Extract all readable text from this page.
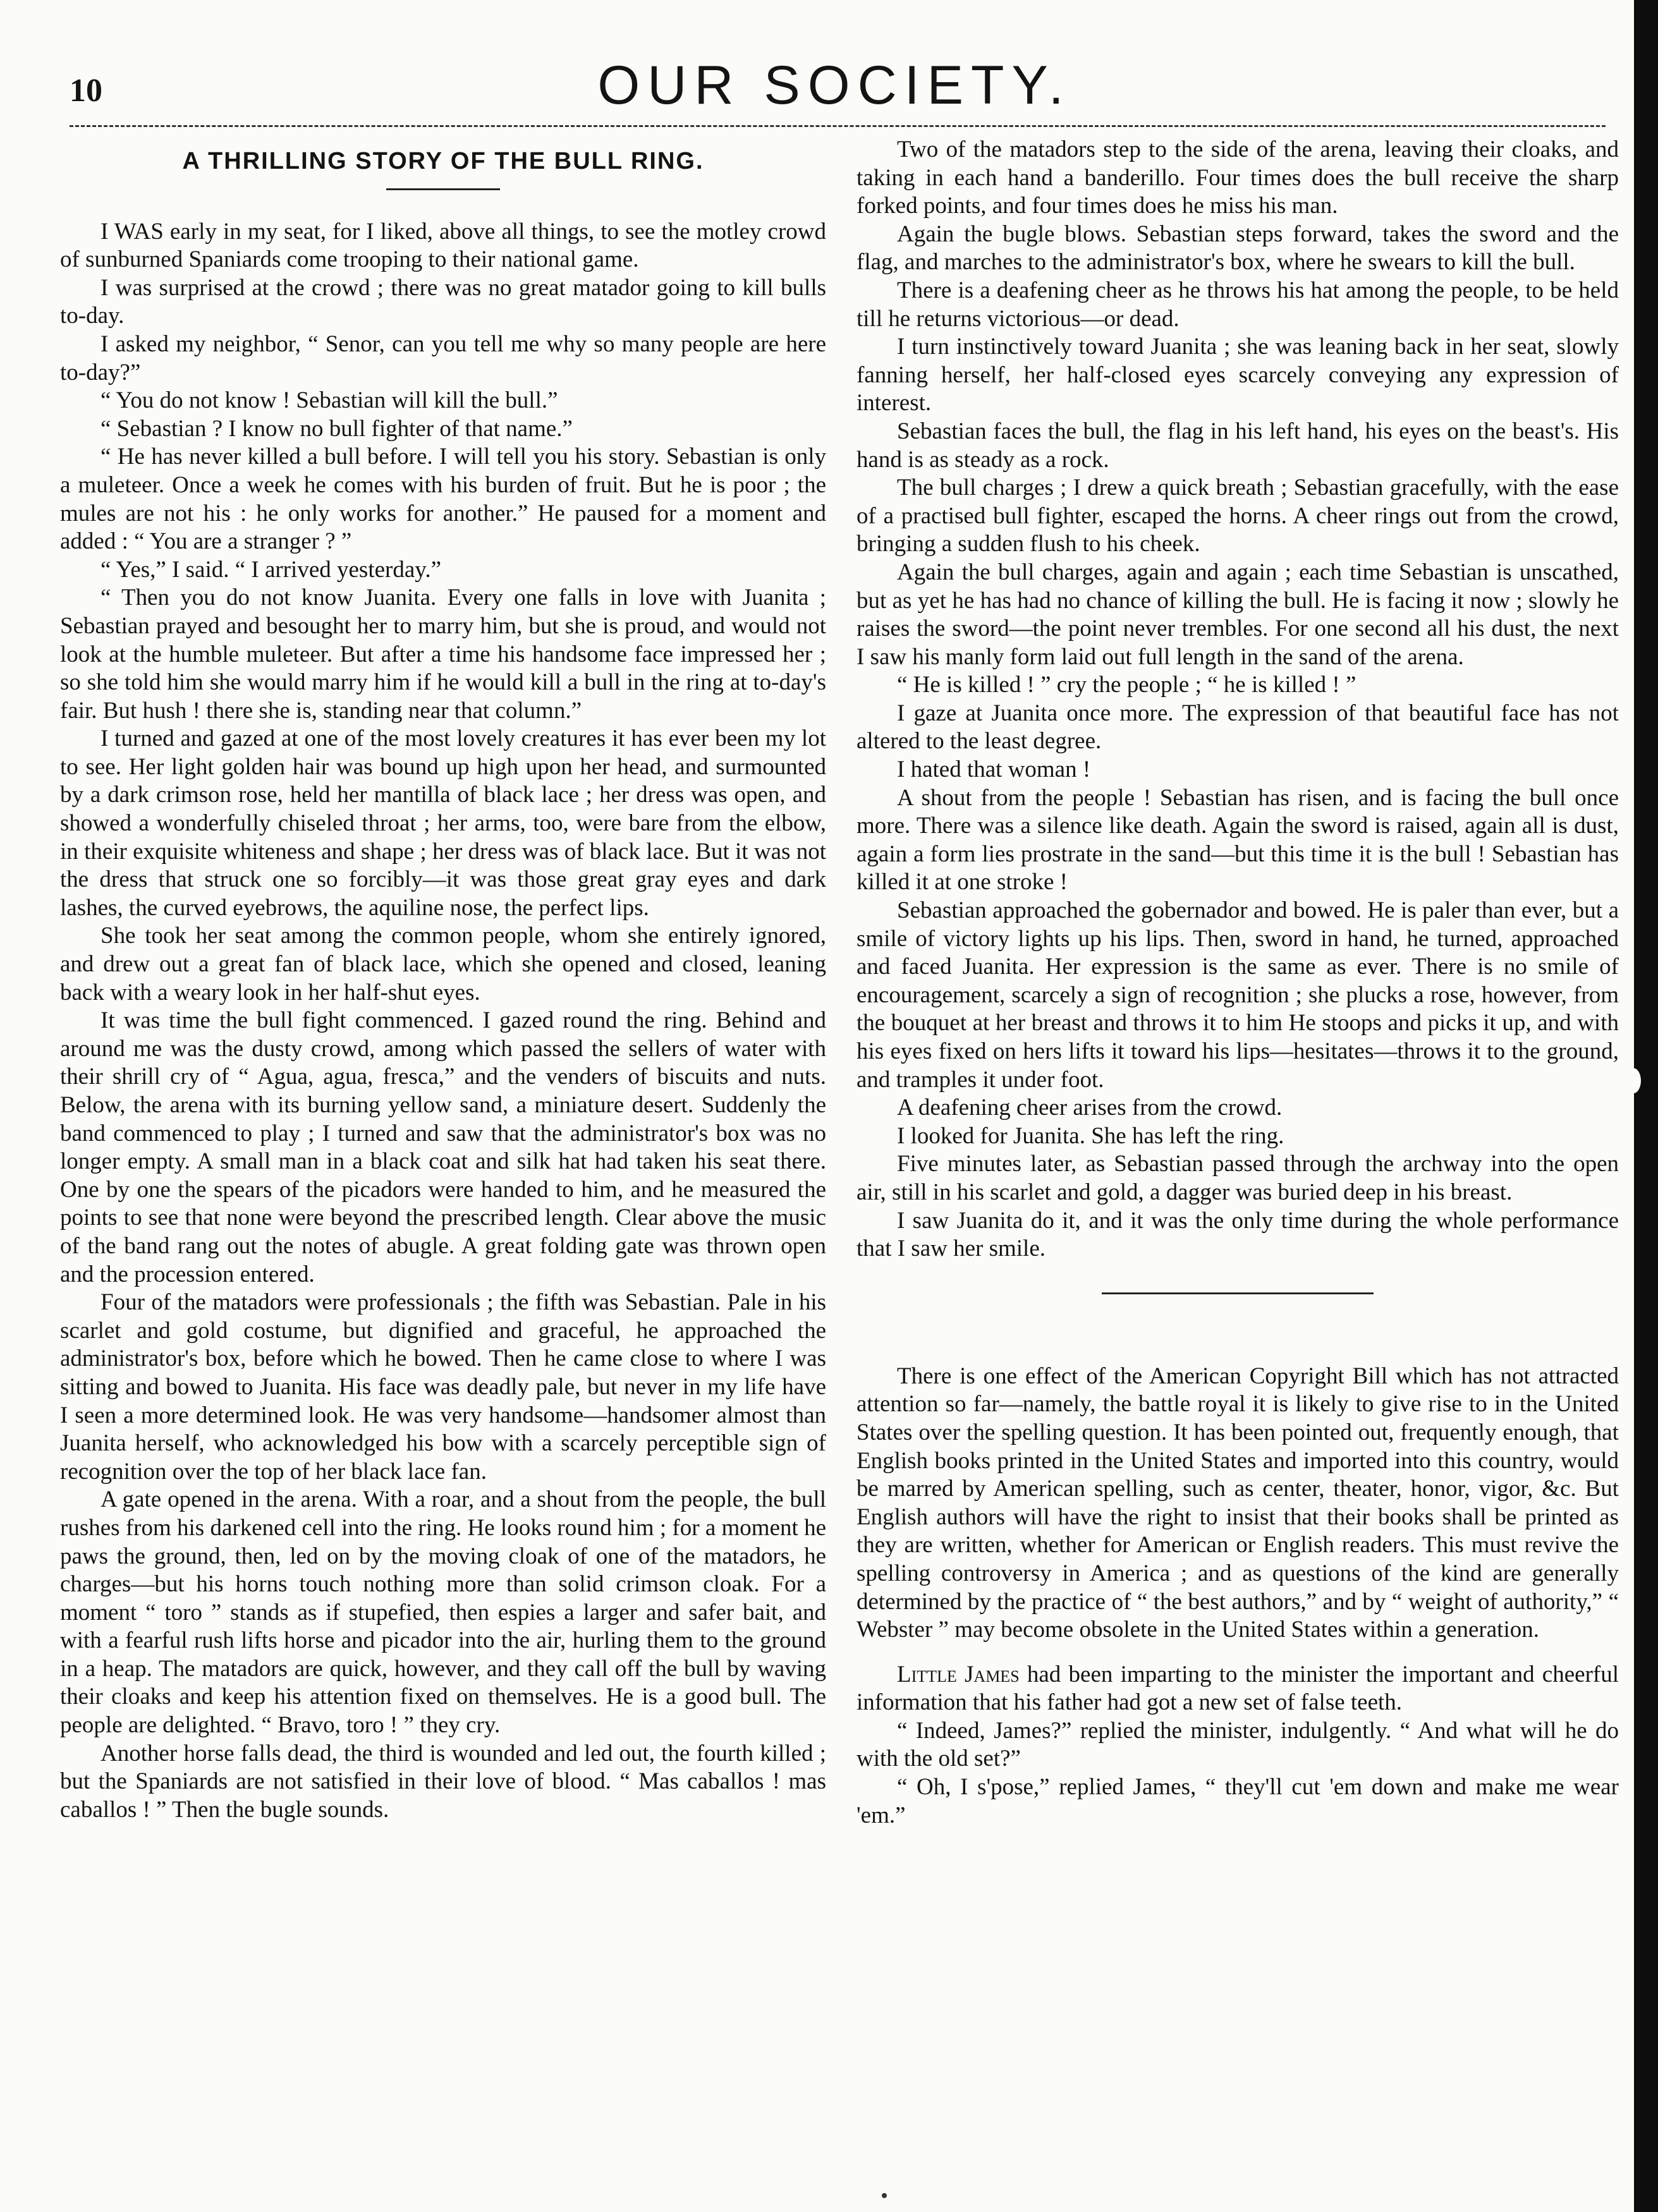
10	OUR SOCIETY.
A THRILLING STORY OF THE BULL RING.

I WAS early in my seat, for I liked, above all things, to see the motley crowd of sunburned Spaniards come trooping to their national game.

I was surprised at the crowd ; there was no great matador going to kill bulls to-day.

I asked my neighbor, “ Senor, can you tell me why so many people are here to-day?”

“ You do not know ! Sebastian will kill the bull.”

“ Sebastian ? I know no bull fighter of that name.”

“ He has never killed a bull before. I will tell you his story. Sebastian is only a muleteer. Once a week he comes with his burden of fruit. But he is poor ; the mules are not his : he only works for another.” He paused for a moment and added : “ You are a stranger ? ”

“ Yes,” I said. “ I arrived yesterday.”

“ Then you do not know Juanita. Every one falls in love with Juanita ; Sebastian prayed and besought her to marry him, but she is proud, and would not look at the humble muleteer. But after a time his handsome face impressed her ; so she told him she would marry him if he would kill a bull in the ring at to-day's fair. But hush ! there she is, standing near that column.”

I turned and gazed at one of the most lovely creatures it has ever been my lot to see. Her light golden hair was bound up high upon her head, and surmounted by a dark crimson rose, held her mantilla of black lace ; her dress was open, and showed a wonderfully chiseled throat ; her arms, too, were bare from the elbow, in their exquisite whiteness and shape ; her dress was of black lace. But it was not the dress that struck one so forcibly—it was those great gray eyes and dark lashes, the curved eyebrows, the aquiline nose, the perfect lips.

She took her seat among the common people, whom she entirely ignored, and drew out a great fan of black lace, which she opened and closed, leaning back with a weary look in her half-shut eyes.

It was time the bull fight commenced. I gazed round the ring. Behind and around me was the dusty crowd, among which passed the sellers of water with their shrill cry of “ Agua, agua, fresca,” and the venders of biscuits and nuts. Below, the arena with its burning yellow sand, a miniature desert. Suddenly the band commenced to play ; I turned and saw that the administrator's box was no longer empty. A small man in a black coat and silk hat had taken his seat there. One by one the spears of the picadors were handed to him, and he measured the points to see that none were beyond the prescribed length. Clear above the music of the band rang out the notes of abugle. A great folding gate was thrown open and the procession entered.

Four of the matadors were professionals ; the fifth was Sebastian. Pale in his scarlet and gold costume, but dignified and graceful, he approached the administrator's box, before which he bowed. Then he came close to where I was sitting and bowed to Juanita. His face was deadly pale, but never in my life have I seen a more determined look. He was very handsome—handsomer almost than Juanita herself, who acknowledged his bow with a scarcely perceptible sign of recognition over the top of her black lace fan.

A gate opened in the arena. With a roar, and a shout from the people, the bull rushes from his darkened cell into the ring. He looks round him ; for a moment he paws the ground, then, led on by the moving cloak of one of the matadors, he charges—but his horns touch nothing more than solid crimson cloak. For a moment “ toro ” stands as if stupefied, then espies a larger and safer bait, and with a fearful rush lifts horse and picador into the air, hurling them to the ground in a heap. The matadors are quick, however, and they call off the bull by waving their cloaks and keep his attention fixed on themselves. He is a good bull. The people are delighted. “ Bravo, toro ! ” they cry.

Another horse falls dead, the third is wounded and led out, the fourth killed ; but the Spaniards are not satisfied in their love of blood. “ Mas caballos ! mas caballos ! ” Then the bugle sounds.

Two of the matadors step to the side of the arena, leaving their cloaks, and taking in each hand a banderillo. Four times does the bull receive the sharp forked points, and four times does he miss his man.

Again the bugle blows. Sebastian steps forward, takes the sword and the flag, and marches to the administrator's box, where he swears to kill the bull.

There is a deafening cheer as he throws his hat among the people, to be held till he returns victorious—or dead.

I turn instinctively toward Juanita ; she was leaning back in her seat, slowly fanning herself, her half-closed eyes scarcely conveying any expression of interest.

Sebastian faces the bull, the flag in his left hand, his eyes on the beast's. His hand is as steady as a rock.

The bull charges ; I drew a quick breath ; Sebastian gracefully, with the ease of a practised bull fighter, escaped the horns. A cheer rings out from the crowd, bringing a sudden flush to his cheek.

Again the bull charges, again and again ; each time Sebastian is unscathed, but as yet he has had no chance of killing the bull. He is facing it now ; slowly he raises the sword—the point never trembles. For one second all his dust, the next I saw his manly form laid out full length in the sand of the arena.

“ He is killed ! ” cry the people ; “ he is killed ! ”

I gaze at Juanita once more. The expression of that beautiful face has not altered to the least degree.

I hated that woman !

A shout from the people ! Sebastian has risen, and is facing the bull once more. There was a silence like death. Again the sword is raised, again all is dust, again a form lies prostrate in the sand—but this time it is the bull ! Sebastian has killed it at one stroke !

Sebastian approached the gobernador and bowed. He is paler than ever, but a smile of victory lights up his lips. Then, sword in hand, he turned, approached and faced Juanita. Her expression is the same as ever. There is no smile of encouragement, scarcely a sign of recognition ; she plucks a rose, however, from the bouquet at her breast and throws it to him He stoops and picks it up, and with his eyes fixed on hers lifts it toward his lips—hesitates—throws it to the ground, and tramples it under foot.

A deafening cheer arises from the crowd.

I looked for Juanita. She has left the ring.

Five minutes later, as Sebastian passed through the archway into the open air, still in his scarlet and gold, a dagger was buried deep in his breast.

I saw Juanita do it, and it was the only time during the whole performance that I saw her smile.

There is one effect of the American Copyright Bill which has not attracted attention so far—namely, the battle royal it is likely to give rise to in the United States over the spelling question. It has been pointed out, frequently enough, that English books printed in the United States and imported into this country, would be marred by American spelling, such as center, theater, honor, vigor, &c. But English authors will have the right to insist that their books shall be printed as they are written, whether for American or English readers. This must revive the spelling controversy in America ; and as questions of the kind are generally determined by the practice of “ the best authors,” and by “ weight of authority,” “ Webster ” may become obsolete in the United States within a generation.

Little James had been imparting to the minister the important and cheerful information that his father had got a new set of false teeth.

“ Indeed, James?” replied the minister, indulgently. “ And what will he do with the old set?”

“ Oh, I s'pose,” replied James, “ they'll cut 'em down and make me wear 'em.”
